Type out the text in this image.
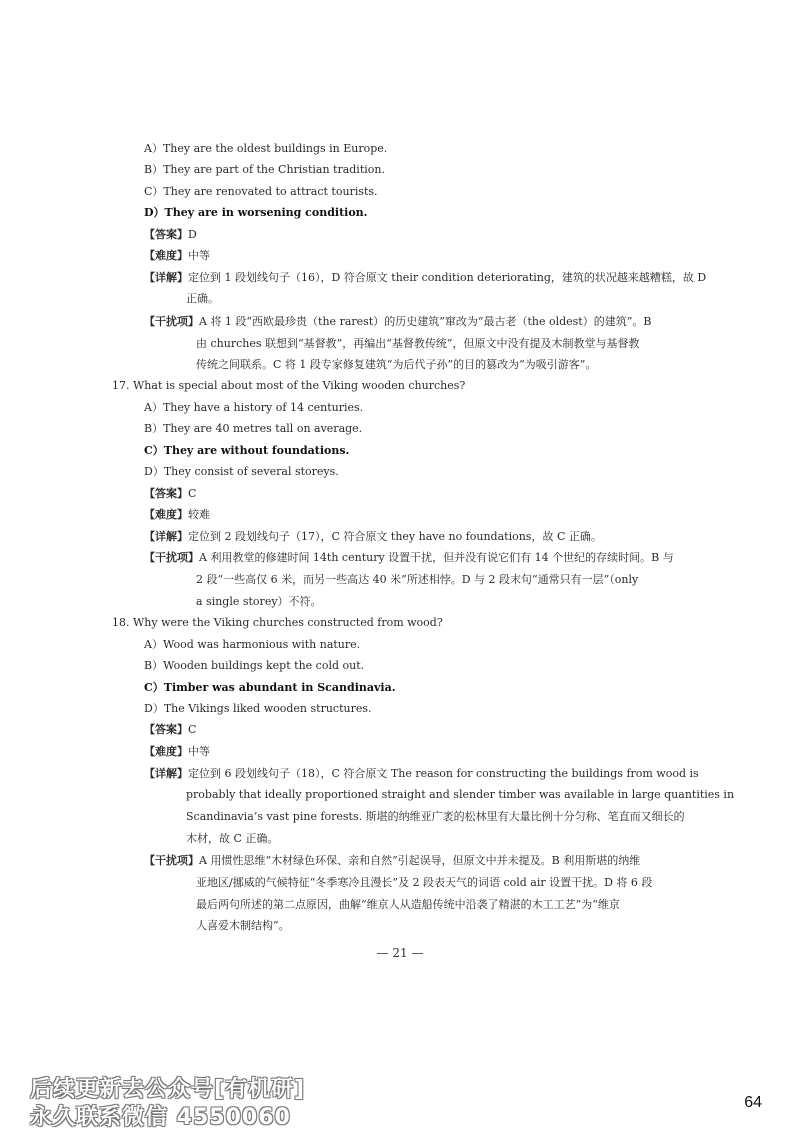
A）They are the oldest buildings in Europe.
B）They are part of the Christian tradition.
C）They are renovated to attract tourists.
D）They are in worsening condition.
【答案】D
【难度】中等
【详解】定位到 1 段划线句子（16），D 符合原文 their condition deteriorating，建筑的状况越来越糟糕，故 D
正确。
【干扰项】A 将 1 段“西欧最珍贵（the rarest）的历史建筑”窜改为“最古老（the oldest）的建筑”。B
由 churches 联想到“基督教”，再编出“基督教传统”，但原文中没有提及木制教堂与基督教
传统之间联系。C 将 1 段专家修复建筑“为后代子孙”的目的篡改为“为吸引游客”。
17. What is special about most of the Viking wooden churches?
A）They have a history of 14 centuries.
B）They are 40 metres tall on average.
C）They are without foundations.
D）They consist of several storeys.
【答案】C
【难度】较难
【详解】定位到 2 段划线句子（17），C 符合原文 they have no foundations，故 C 正确。
【干扰项】A 利用教堂的修建时间 14th century 设置干扰，但并没有说它们有 14 个世纪的存续时间。B 与
2 段“一些高仅 6 米，而另一些高达 40 米”所述相悖。D 与 2 段末句“通常只有一层”（only
a single storey）不符。
18. Why were the Viking churches constructed from wood?
A）Wood was harmonious with nature.
B）Wooden buildings kept the cold out.
C）Timber was abundant in Scandinavia.
D）The Vikings liked wooden structures.
【答案】C
【难度】中等
【详解】定位到 6 段划线句子（18），C 符合原文 The reason for constructing the buildings from wood is
probably that ideally proportioned straight and slender timber was available in large quantities in
Scandinavia’s vast pine forests. 斯堪的纳维亚广袤的松林里有大量比例十分匀称、笔直而又细长的
木材，故 C 正确。
【干扰项】A 用惯性思维“木材绿色环保、亲和自然”引起误导，但原文中并未提及。B 利用斯堪的纳维
亚地区/挪威的气候特征“冬季寒冷且漫长”及 2 段表天气的词语 cold air 设置干扰。D 将 6 段
最后两句所述的第二点原因，曲解“维京人从造船传统中沿袭了精湛的木工工艺”为“维京
人喜爱木制结构”。
— 21 —
后续更新去公众号[有机研]
永久联系微信 4550060
64
